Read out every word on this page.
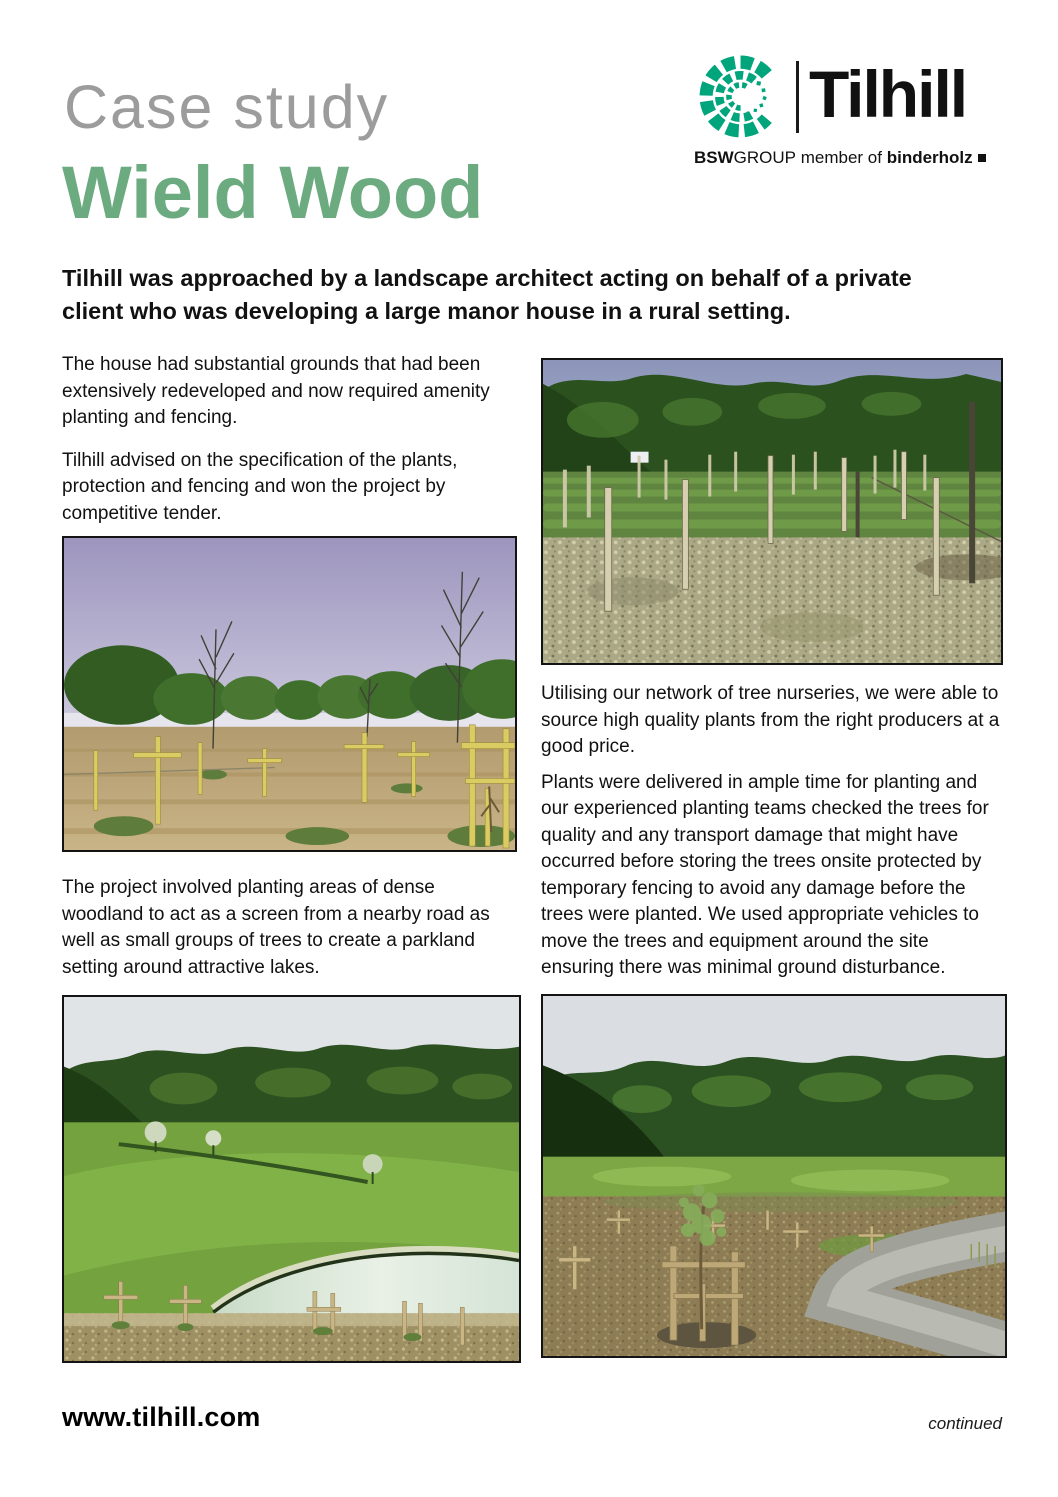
Case study
Wield Wood
Tilhill
BSW GROUP member of binderholz

Tilhill was approached by a landscape architect acting on behalf of a private client who was developing a large manor house in a rural setting.

The house had substantial grounds that had been extensively redeveloped and now required amenity planting and fencing.

Tilhill advised on the specification of the plants, protection and fencing and won the project by competitive tender.

The project involved planting areas of dense woodland to act as a screen from a nearby road as well as small groups of trees to create a parkland setting around attractive lakes.

Utilising our network of tree nurseries, we were able to source high quality plants from the right producers at a good price.

Plants were delivered in ample time for planting and our experienced planting teams checked the trees for quality and any transport damage that might have occurred before storing the trees onsite protected by temporary fencing to avoid any damage before the trees were planted. We used appropriate vehicles to move the trees and equipment around the site ensuring there was minimal ground disturbance.

www.tilhill.com	continued
